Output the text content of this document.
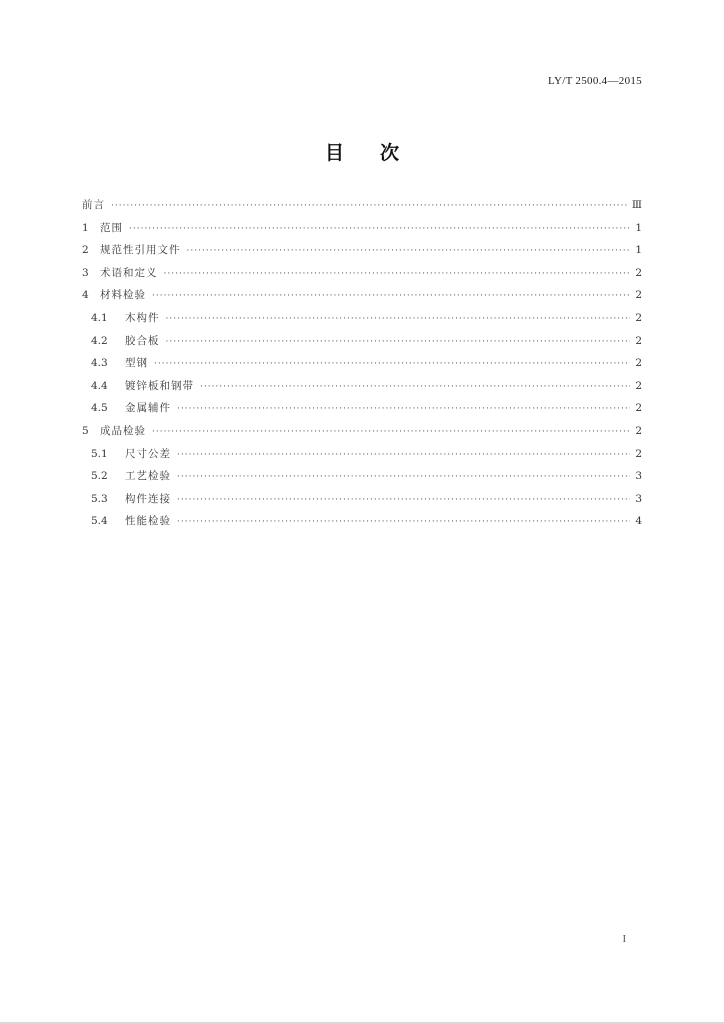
LY/T 2500.4—2015
目 次
前言 ·····	Ⅲ
1	范围 ·····	1
2	规范性引用文件 ·····	1
3	术语和定义 ·····	2
4	材料检验 ·····	2
4.1	木构件 ·····	2
4.2	胶合板 ·····	2
4.3	型钢 ·····	2
4.4	镀锌板和钢带 ·····	2
4.5	金属辅件 ·····	2
5	成品检验 ·····	2
5.1	尺寸公差 ·····	2
5.2	工艺检验 ·····	3
5.3	构件连接 ·····	3
5.4	性能检验 ·····	4
I
